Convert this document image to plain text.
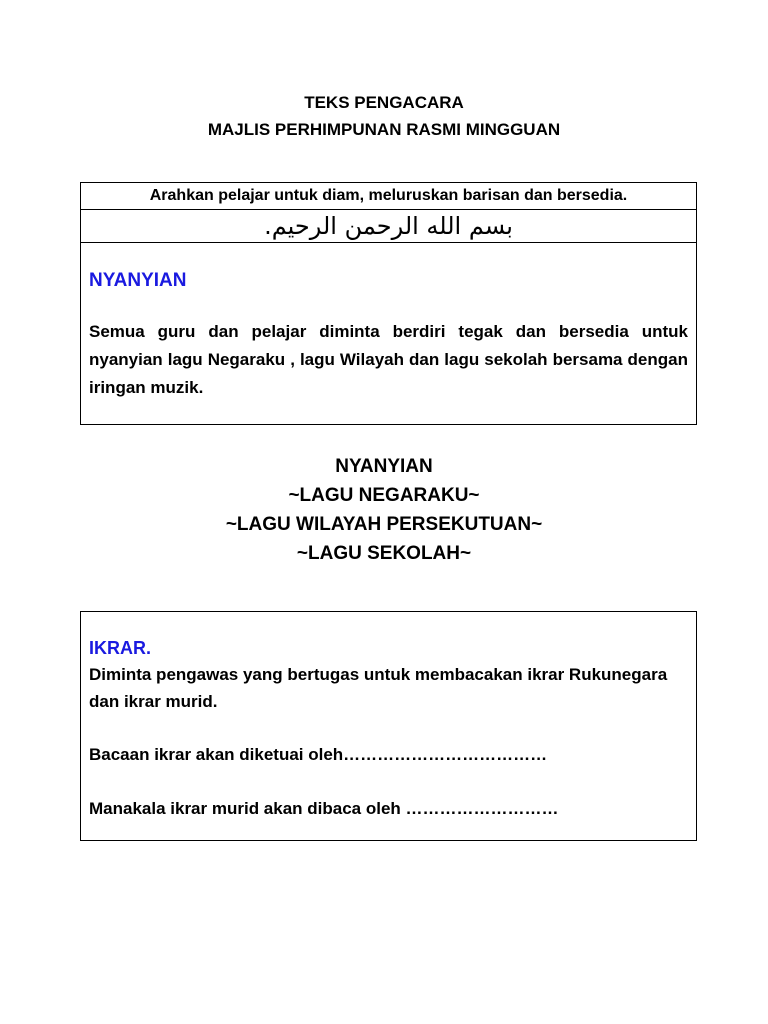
TEKS PENGACARA
MAJLIS PERHIMPUNAN RASMI MINGGUAN
Arahkan pelajar untuk diam, meluruskan barisan dan bersedia.
بسم الله الرحمن الرحيم.
NYANYIAN
Semua guru dan pelajar diminta berdiri tegak dan bersedia untuk nyanyian lagu Negaraku , lagu Wilayah dan lagu sekolah bersama dengan iringan muzik.
NYANYIAN
~LAGU NEGARAKU~
~LAGU WILAYAH PERSEKUTUAN~
~LAGU SEKOLAH~
IKRAR.
Diminta pengawas yang bertugas untuk membacakan ikrar Rukunegara dan ikrar murid.
Bacaan ikrar akan diketuai oleh………………………………
Manakala ikrar murid akan dibaca oleh ………………………
